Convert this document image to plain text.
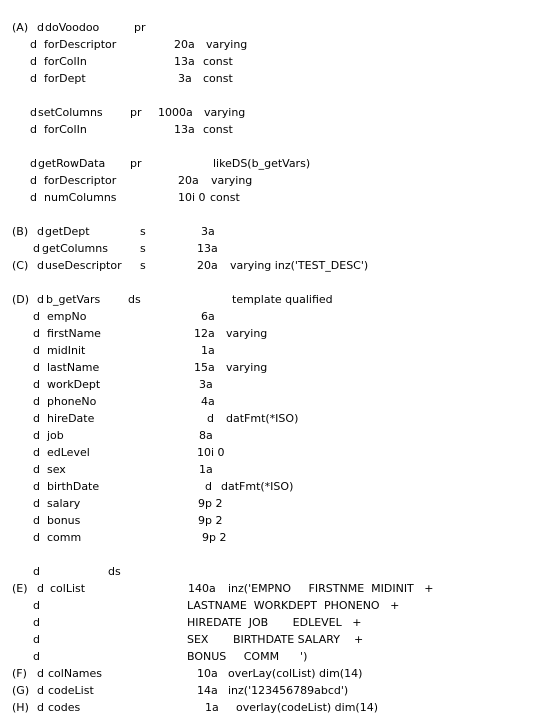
(A) d doVoodoo	pr
d forDescriptor	20a varying
d forColIn	13a const
d forDept	3a const
d setColumns pr 1000a varying
d forColIn	13a const
d getRowData pr	likeDS(b_getVars)
d forDescriptor	20a varying
d numColumns	10i 0 const
(B) d getDept	s	3a
d getColumns	s	13a
(C) d useDescriptor s	20a varying inz('TEST_DESC')
(D) d b_getVars	ds	template qualified
d empNo	6a
d firstName	12a varying
d midInit	1a
d lastName	15a varying
d workDept	3a
d phoneNo	4a
d hireDate	d datFmt(*ISO)
d job	8a
d edLevel	10i 0
d sex	1a
d birthDate	d datFmt(*ISO)
d salary	9p 2
d bonus	9p 2
d comm	9p 2
d	ds
(E) d colList	140a inz('EMPNO     FIRSTNME  MIDINIT   +
d	LASTNAME  WORKDEPT  PHONENO   +
d	HIREDATE  JOB       EDLEVEL   +
d	SEX       BIRTHDATE SALARY    +
d	BONUS     COMM      ')
(F) d colNames	10a overLay(colList) dim(14)
(G) d codeList	14a inz('123456789abcd')
(H) d codes	1a overlay(codeList) dim(14)
